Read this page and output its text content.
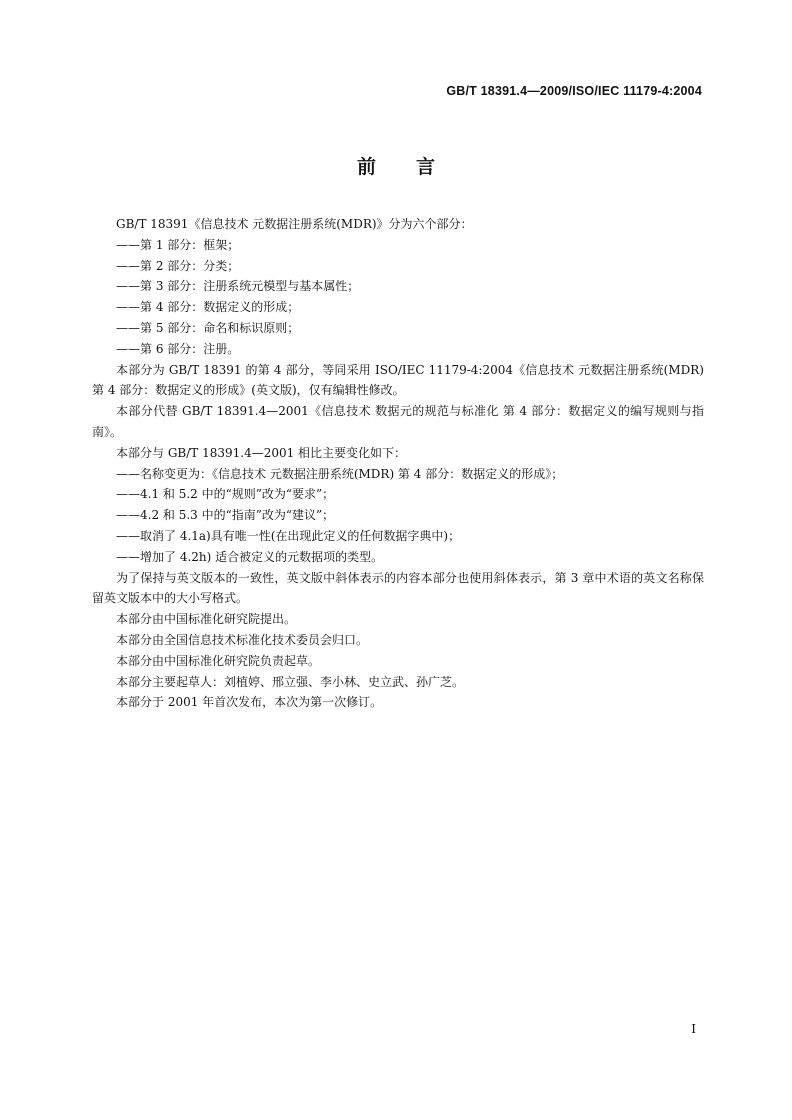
GB/T 18391.4—2009/ISO/IEC 11179-4:2004
前言

GB/T 18391《信息技术 元数据注册系统(MDR)》分为六个部分：

——第 1 部分：框架；

——第 2 部分：分类；

——第 3 部分：注册系统元模型与基本属性；

——第 4 部分：数据定义的形成；

——第 5 部分：命名和标识原则；

——第 6 部分：注册。

本部分为 GB/T 18391 的第 4 部分，等同采用 ISO/IEC 11179-4:2004《信息技术 元数据注册系统(MDR) 第 4 部分：数据定义的形成》(英文版)，仅有编辑性修改。

本部分代替 GB/T 18391.4—2001《信息技术 数据元的规范与标准化 第 4 部分：数据定义的编写规则与指南》。

本部分与 GB/T 18391.4—2001 相比主要变化如下：

——名称变更为：《信息技术 元数据注册系统(MDR) 第 4 部分：数据定义的形成》；

——4.1 和 5.2 中的“规则”改为“要求”；

——4.2 和 5.3 中的“指南”改为“建议”；

——取消了 4.1a)具有唯一性(在出现此定义的任何数据字典中)；

——增加了 4.2h) 适合被定义的元数据项的类型。

为了保持与英文版本的一致性，英文版中斜体表示的内容本部分也使用斜体表示，第 3 章中术语的英文名称保留英文版本中的大小写格式。

本部分由中国标准化研究院提出。

本部分由全国信息技术标准化技术委员会归口。

本部分由中国标准化研究院负责起草。

本部分主要起草人：刘植婷、邢立强、李小林、史立武、孙广芝。

本部分于 2001 年首次发布，本次为第一次修订。

I
